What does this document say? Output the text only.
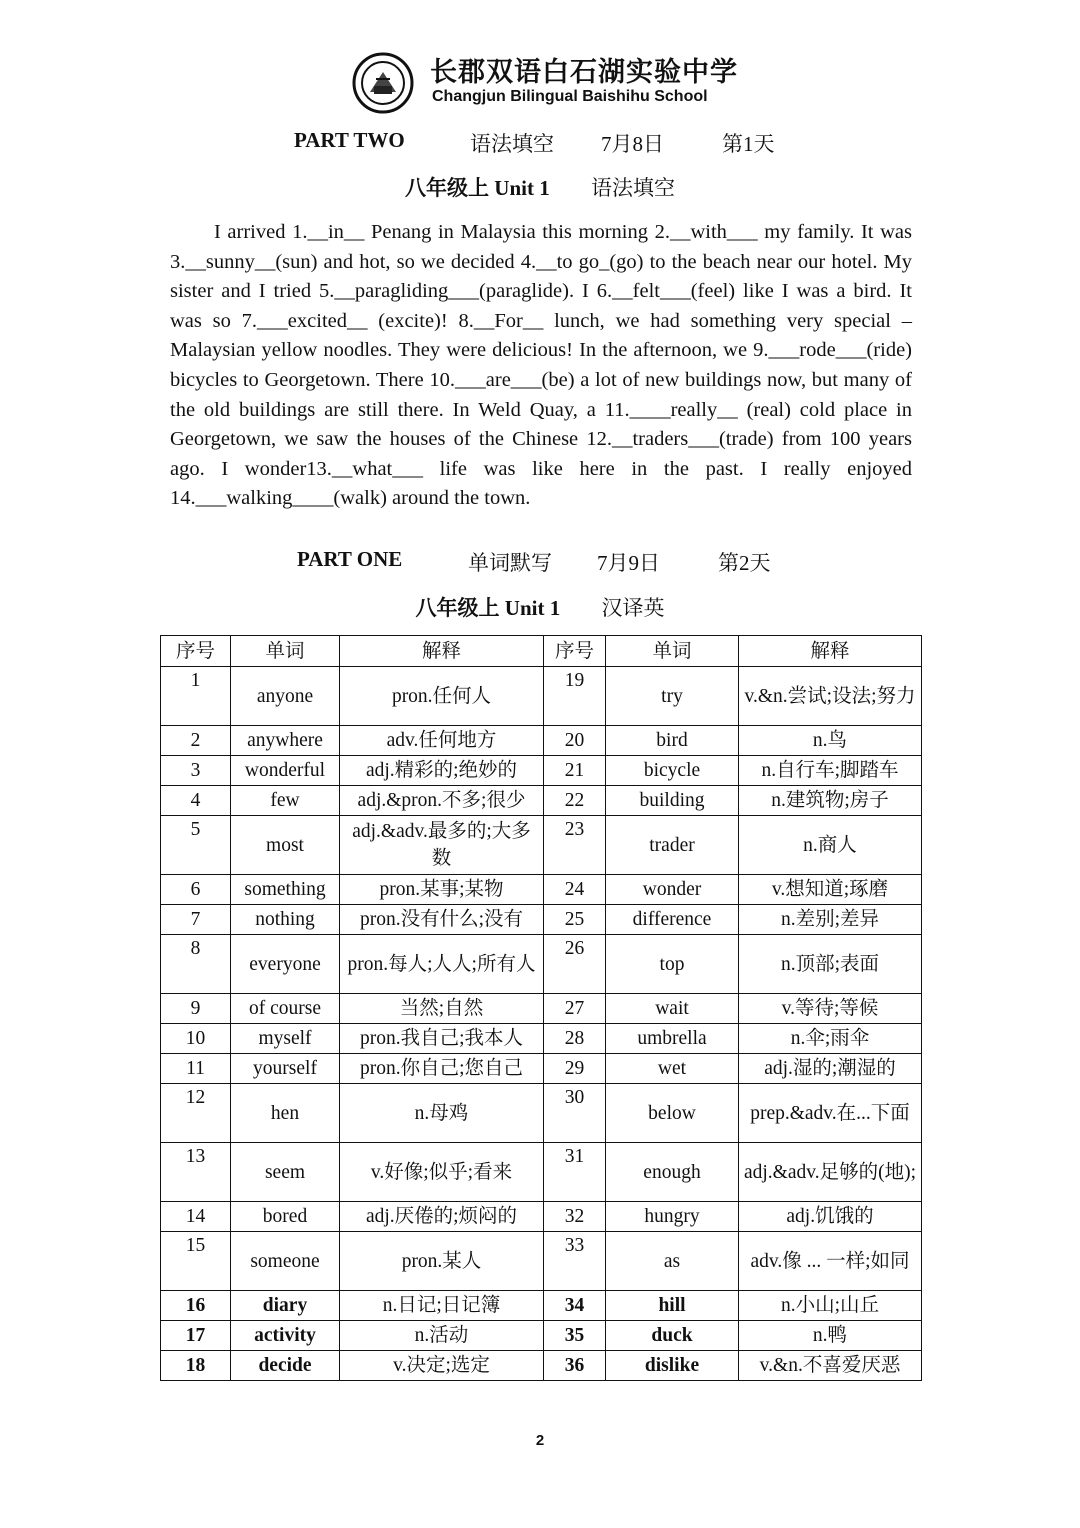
长郡双语白石湖实验中学
Changjun Bilingual Baishihu School
PART TWO	语法填空 7月8日	第1天
八年级上 Unit 1 语法填空

I arrived 1.__in__ Penang in Malaysia this morning 2.__with___ my family. It was 3.__sunny__(sun) and hot, so we decided 4.__to go_(go) to the beach near our hotel. My sister and I tried 5.__paragliding___(paraglide). I 6.__felt___(feel) like I was a bird. It was so 7.___excited__ (excite)! 8.__For__ lunch, we had something very special – Malaysian yellow noodles. They were delicious! In the afternoon, we 9.___rode___(ride) bicycles to Georgetown. There 10.___are___(be) a lot of new buildings now, but many of the old buildings are still there. In Weld Quay, a 11.____really__ (real) cold place in Georgetown, we saw the houses of the Chinese 12.__traders___(trade) from 100 years ago. I wonder13.__what___ life was like here in the past. I really enjoyed 14.___walking____(walk) around the town.

PART ONE	单词默写 7月9日	第2天
八年级上 Unit 1 汉译英
序号	单词	解释	序号	单词	解释
1	anyone	pron.任何人	19	try	v.&n.尝试;设法;努力
2	anywhere	adv.任何地方	20	bird	n.鸟
3	wonderful	adj.精彩的;绝妙的	21	bicycle	n.自行车;脚踏车
4	few	adj.&pron.不多;很少	22	building	n.建筑物;房子
5	most	adj.&adv.最多的;大多数	23	trader	n.商人
6	something	pron.某事;某物	24	wonder	v.想知道;琢磨
7	nothing	pron.没有什么;没有	25	difference	n.差别;差异
8	everyone	pron.每人;人人;所有人	26	top	n.顶部;表面
9	of course	当然;自然	27	wait	v.等待;等候
10	myself	pron.我自己;我本人	28	umbrella	n.伞;雨伞
11	yourself	pron.你自己;您自己	29	wet	adj.湿的;潮湿的
12	hen	n.母鸡	30	below	prep.&adv.在...下面
13	seem	v.好像;似乎;看来	31	enough	adj.&adv.足够的(地);
14	bored	adj.厌倦的;烦闷的	32	hungry	adj.饥饿的
15	someone	pron.某人	33	as	adv.像 ... 一样;如同
16	diary	n.日记;日记簿	34	hill	n.小山;山丘
17	activity	n.活动	35	duck	n.鸭
18	decide	v.决定;选定	36	dislike	v.&n.不喜爱厌恶
2
